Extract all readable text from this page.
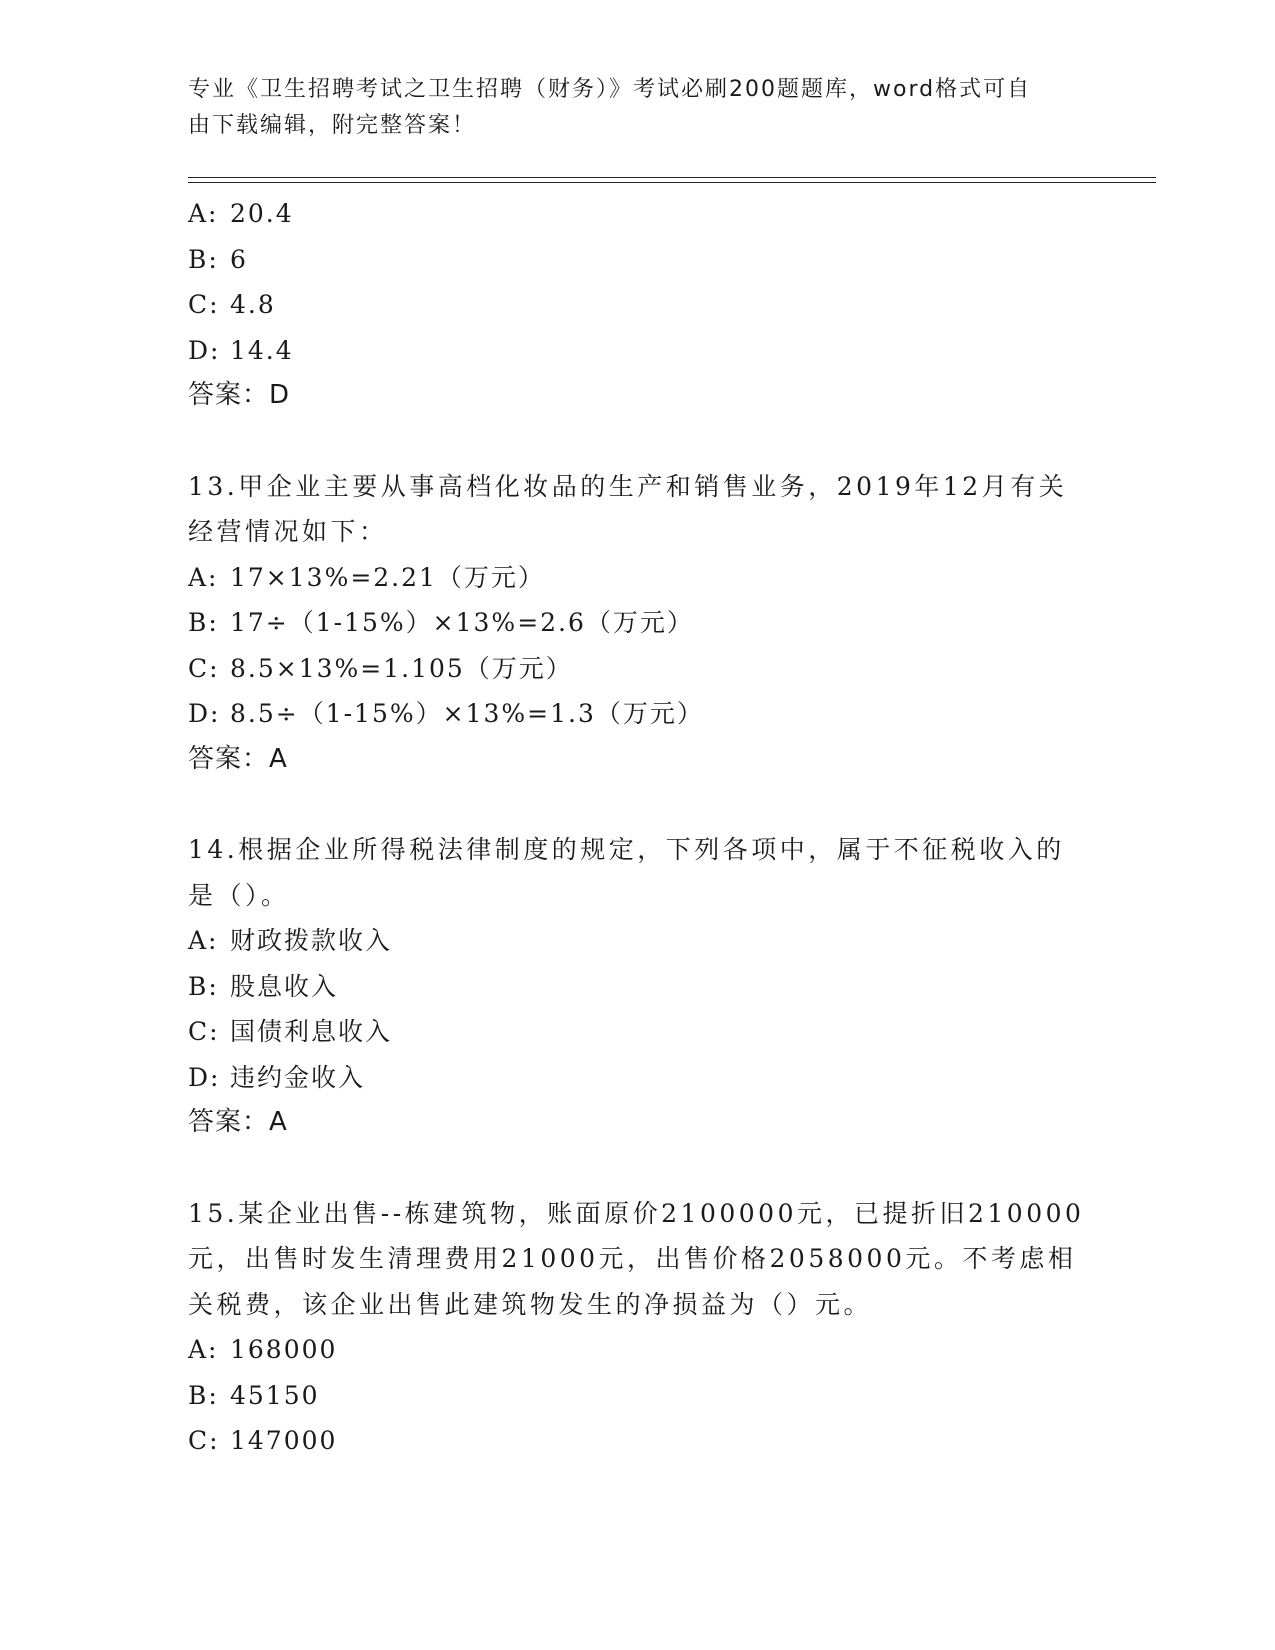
专业《卫生招聘考试之卫生招聘（财务）》考试必刷200题题库，word格式可自
由下载编辑，附完整答案！
A: 20.4
B: 6
C: 4.8
D: 14.4
答案：D
13.甲企业主要从事高档化妆品的生产和销售业务，2019年12月有关
经营情况如下：
A: 17×13%=2.21（万元）
B: 17÷（1-15%）×13%=2.6（万元）
C: 8.5×13%=1.105（万元）
D: 8.5÷（1-15%）×13%=1.3（万元）
答案：A
14.根据企业所得税法律制度的规定，下列各项中，属于不征税收入的
是（）。
A: 财政拨款收入
B: 股息收入
C: 国债利息收入
D: 违约金收入
答案：A
15.某企业出售--栋建筑物，账面原价2100000元，已提折旧210000
元，出售时发生清理费用21000元，出售价格2058000元。不考虑相
关税费，该企业出售此建筑物发生的净损益为（）元。
A: 168000
B: 45150
C: 147000
